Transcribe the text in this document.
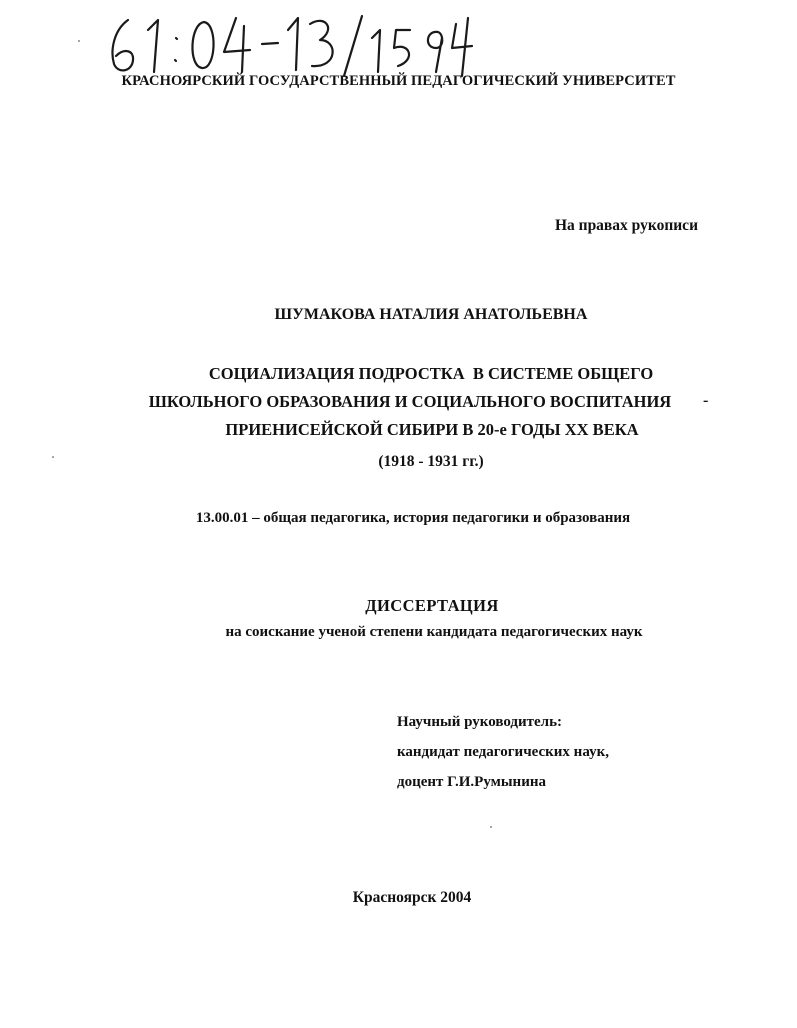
КРАСНОЯРСКИЙ ГОСУДАРСТВЕННЫЙ ПЕДАГОГИЧЕСКИЙ УНИВЕРСИТЕТ
На правах рукописи
ШУМАКОВА НАТАЛИЯ АНАТОЛЬЕВНА
СОЦИАЛИЗАЦИЯ ПОДРОСТКА  В СИСТЕМЕ ОБЩЕГО
ШКОЛЬНОГО ОБРАЗОВАНИЯ И СОЦИАЛЬНОГО ВОСПИТАНИЯ
ПРИЕНИСЕЙСКОЙ СИБИРИ В 20-е ГОДЫ XX ВЕКА
(1918 - 1931 гг.)
-
13.00.01 – общая педагогика, история педагогики и образования
ДИССЕРТАЦИЯ
на соискание ученой степени кандидата педагогических наук
Научный руководитель:
кандидат педагогических наук,
доцент Г.И.Румынина
Красноярск 2004
